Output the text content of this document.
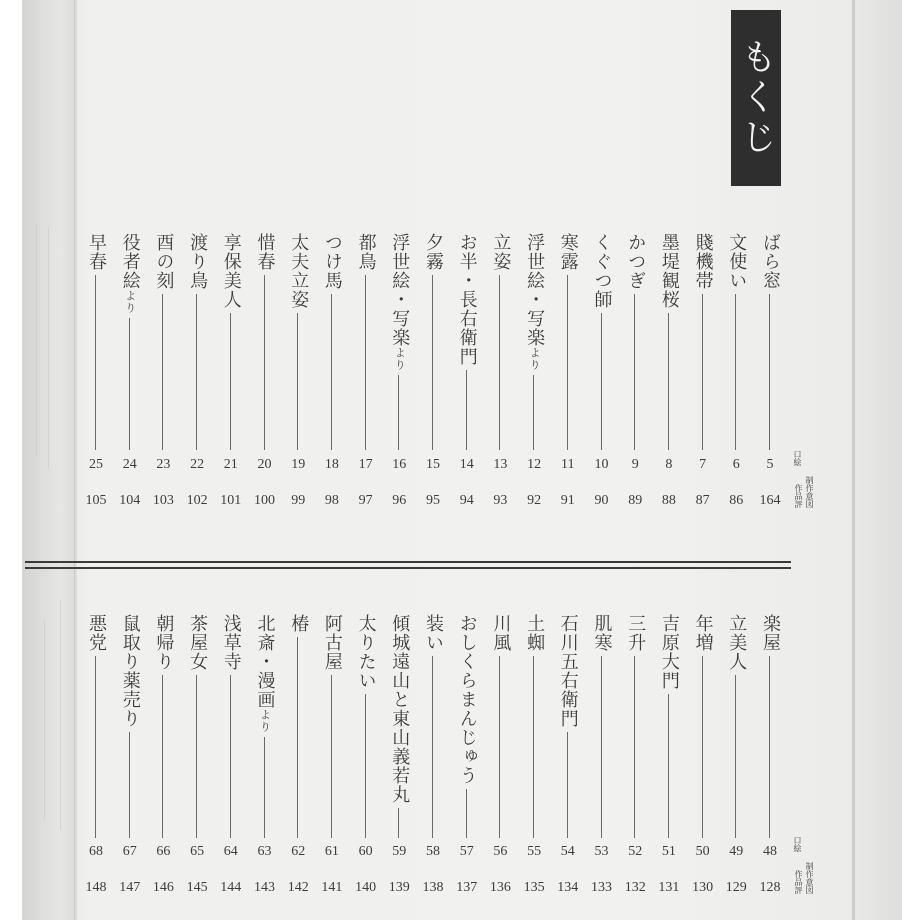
もくじ
ばら窓
5
164
文使い
6
86
賤機帯
7
87
墨堤観桜
8
88
かつぎ
9
89
くぐつ師
10
90
寒露
11
91
浮世絵・写楽より
12
92
立姿
13
93
お半・長右衛門
14
94
夕霧
15
95
浮世絵・写楽より
16
96
都鳥
17
97
つけ馬
18
98
太夫立姿
19
99
惜春
20
100
享保美人
21
101
渡り鳥
22
102
酉の刻
23
103
役者絵より
24
104
早春
25
105
楽屋
48
128
立美人
49
129
年増
50
130
吉原大門
51
131
三升
52
132
肌寒
53
133
石川五右衛門
54
134
土蜘
55
135
川風
56
136
おしくらまんじゅう
57
137
装い
58
138
傾城遠山と東山義若丸
59
139
太りたい
60
140
阿古屋
61
141
椿
62
142
北斎・漫画より
63
143
浅草寺
64
144
茶屋女
65
145
朝帰り
66
146
鼠取り薬売り
67
147
悪党
68
148
口絵
制作意図
作品評
口絵
制作意図
作品評
